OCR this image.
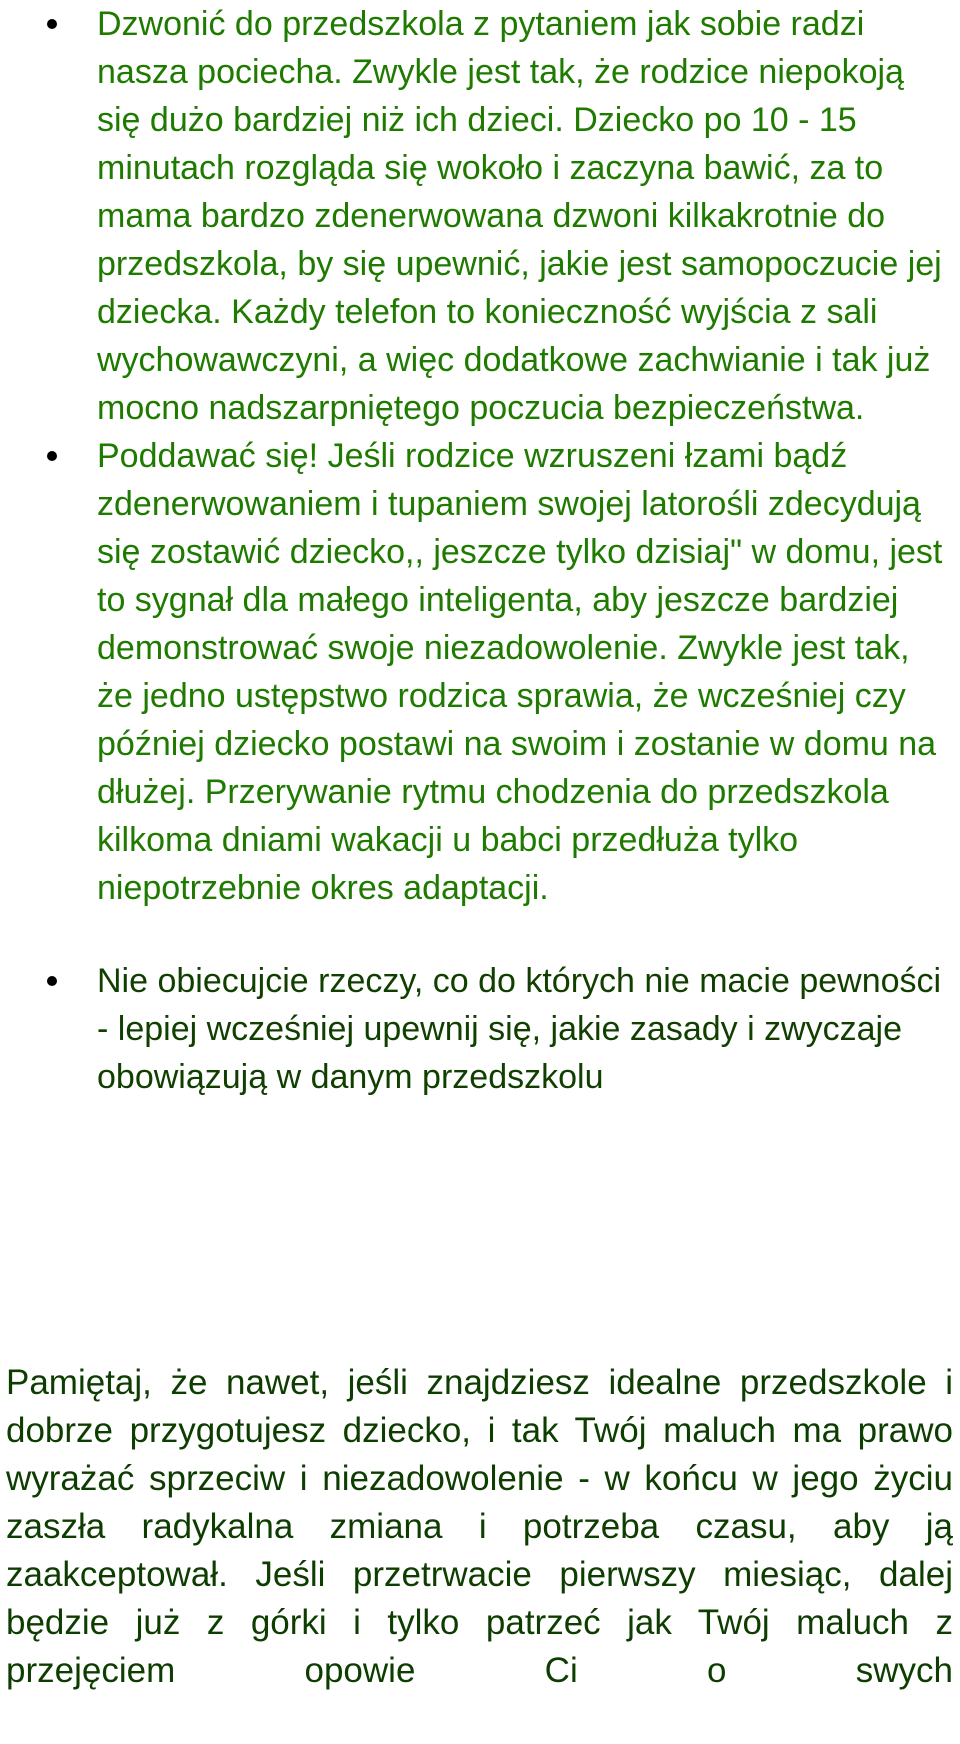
Dzwonić do przedszkola z pytaniem jak sobie radzi nasza pociecha. Zwykle jest tak, że rodzice niepokoją się dużo bardziej niż ich dzieci. Dziecko po 10 - 15 minutach rozgląda się wokoło i zaczyna bawić, za to mama bardzo zdenerwowana dzwoni kilkakrotnie do przedszkola, by się upewnić, jakie jest samopoczucie jej dziecka. Każdy telefon to konieczność wyjścia z sali wychowawczyni, a więc dodatkowe zachwianie i tak już mocno nadszarpniętego poczucia bezpieczeństwa.
Poddawać się! Jeśli rodzice wzruszeni łzami bądź zdenerwowaniem i tupaniem swojej latorośli zdecydują się zostawić dziecko,, jeszcze tylko dzisiaj" w domu, jest to sygnał dla małego inteligenta, aby jeszcze bardziej demonstrować swoje niezadowolenie. Zwykle jest tak, że jedno ustępstwo rodzica sprawia, że wcześniej czy później dziecko postawi na swoim i zostanie w domu na dłużej. Przerywanie rytmu chodzenia do przedszkola kilkoma dniami wakacji u babci przedłuża tylko niepotrzebnie okres adaptacji.
Nie obiecujcie rzeczy, co do których nie macie pewności - lepiej wcześniej upewnij się, jakie zasady i zwyczaje obowiązują w danym przedszkolu

Pamiętaj, że nawet, jeśli znajdziesz idealne przedszkole i dobrze przygotujesz dziecko, i tak Twój maluch ma prawo wyrażać sprzeciw i niezadowolenie - w końcu w jego życiu zaszła radykalna zmiana i potrzeba czasu, aby ją zaakceptował. Jeśli przetrwacie pierwszy miesiąc, dalej będzie już z górki i tylko patrzeć jak Twój maluch z przejęciem opowie Ci o swych
